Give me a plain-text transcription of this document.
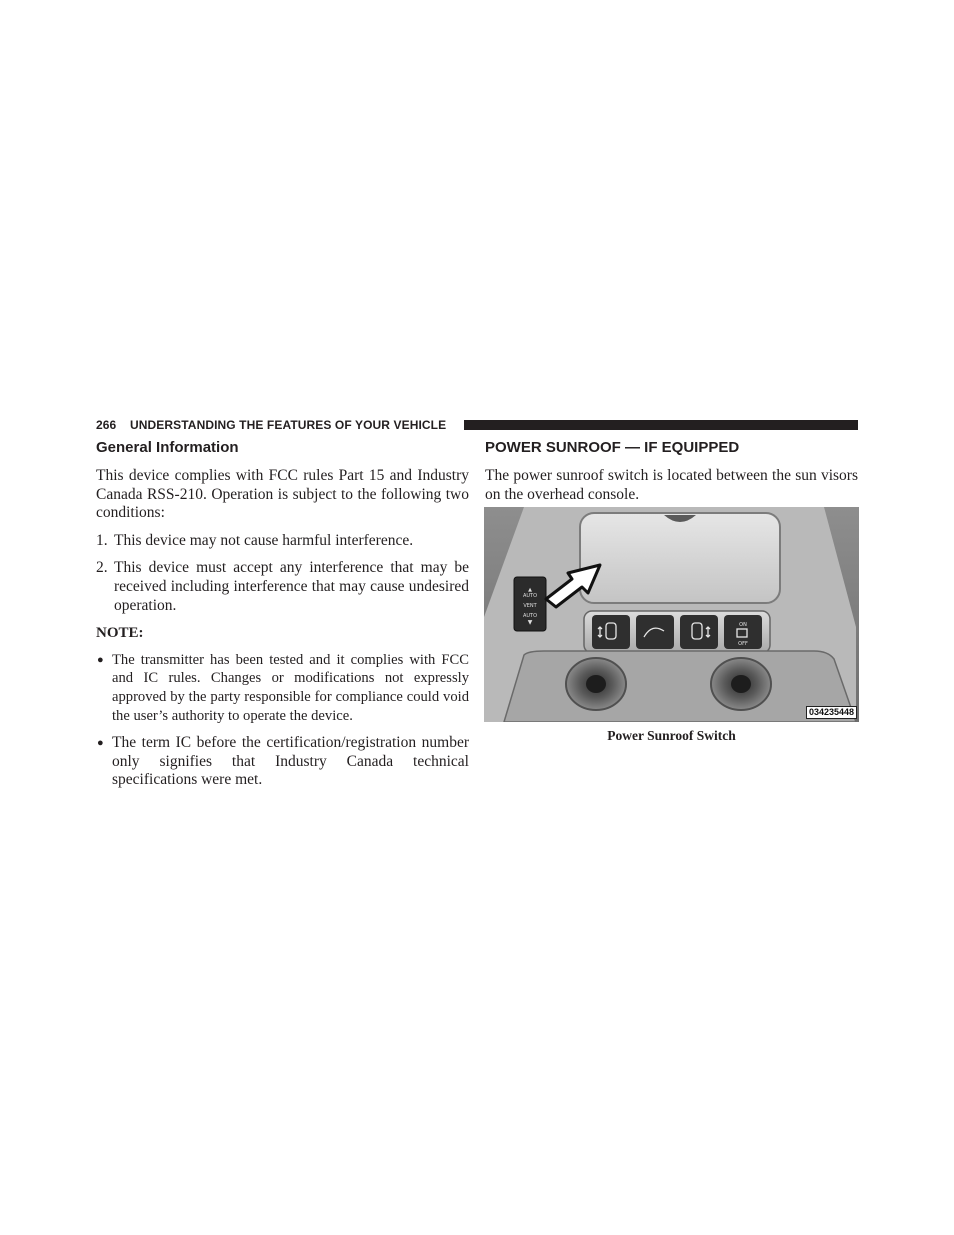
266 UNDERSTANDING THE FEATURES OF YOUR VEHICLE
General Information

This device complies with FCC rules Part 15 and Industry Canada RSS-210. Operation is subject to the following two conditions:

1. This device may not cause harmful interference.
2. This device must accept any interference that may be received including interference that may cause undesired operation.
NOTE:
● The transmitter has been tested and it complies with FCC and IC rules. Changes or modifications not expressly approved by the party responsible for compliance could void the user’s authority to operate the device.
● The term IC before the certification/registration number only signifies that Industry Canada technical specifications were met.
POWER SUNROOF — IF EQUIPPED

The power sunroof switch is located between the sun visors on the overhead console.

▲
AUTO
VENT
AUTO
▼	ON
OFF
034235448
Power Sunroof Switch
